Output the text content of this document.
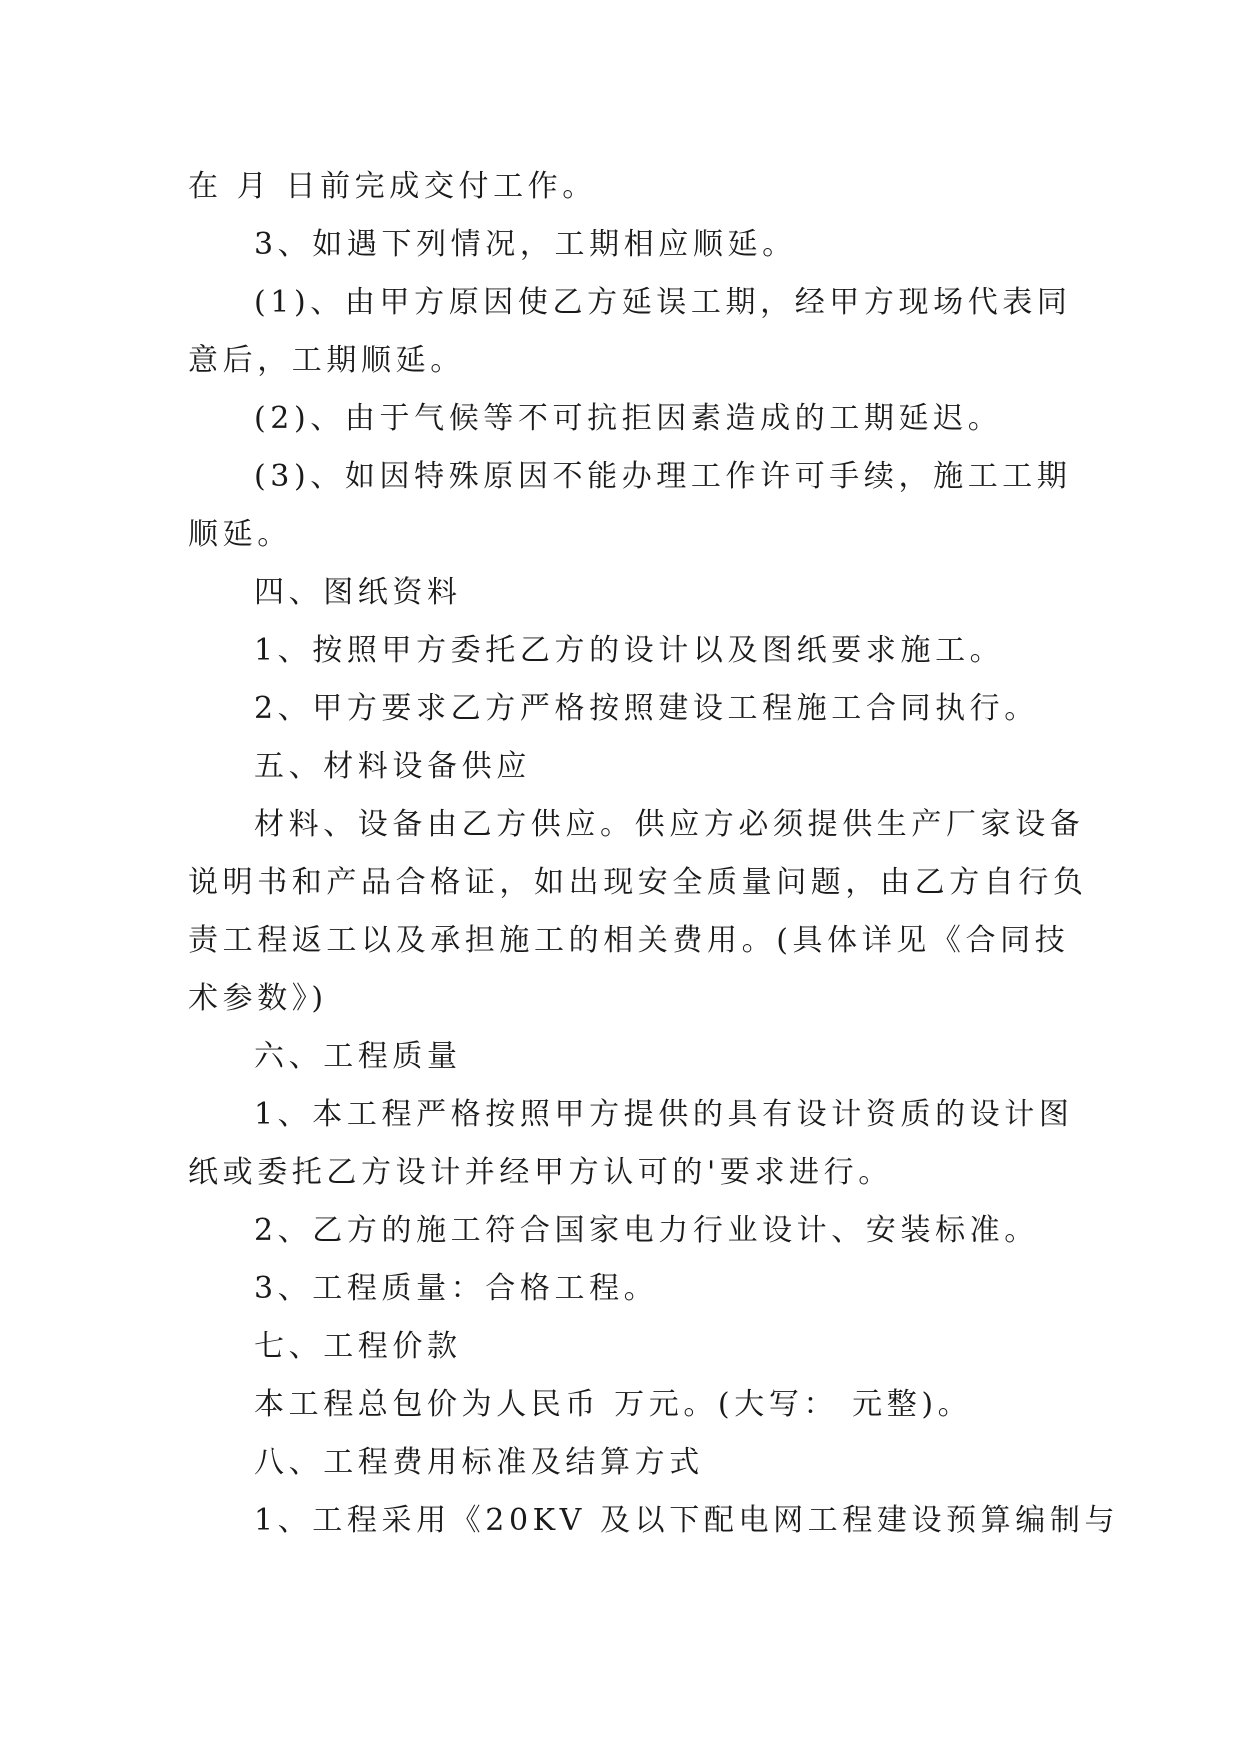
在 月 日前完成交付工作。
3、如遇下列情况，工期相应顺延。
(1)、由甲方原因使乙方延误工期，经甲方现场代表同
意后，工期顺延。
(2)、由于气候等不可抗拒因素造成的工期延迟。
(3)、如因特殊原因不能办理工作许可手续，施工工期
顺延。
四、图纸资料
1、按照甲方委托乙方的设计以及图纸要求施工。
2、甲方要求乙方严格按照建设工程施工合同执行。
五、材料设备供应
材料、设备由乙方供应。供应方必须提供生产厂家设备
说明书和产品合格证，如出现安全质量问题，由乙方自行负
责工程返工以及承担施工的相关费用。(具体详见《合同技
术参数》)
六、工程质量
1、本工程严格按照甲方提供的具有设计资质的设计图
纸或委托乙方设计并经甲方认可的'要求进行。
2、乙方的施工符合国家电力行业设计、安装标准。
3、工程质量：合格工程。
七、工程价款
本工程总包价为人民币 万元。(大写： 元整)。
八、工程费用标准及结算方式
1、工程采用《20KV 及以下配电网工程建设预算编制与
